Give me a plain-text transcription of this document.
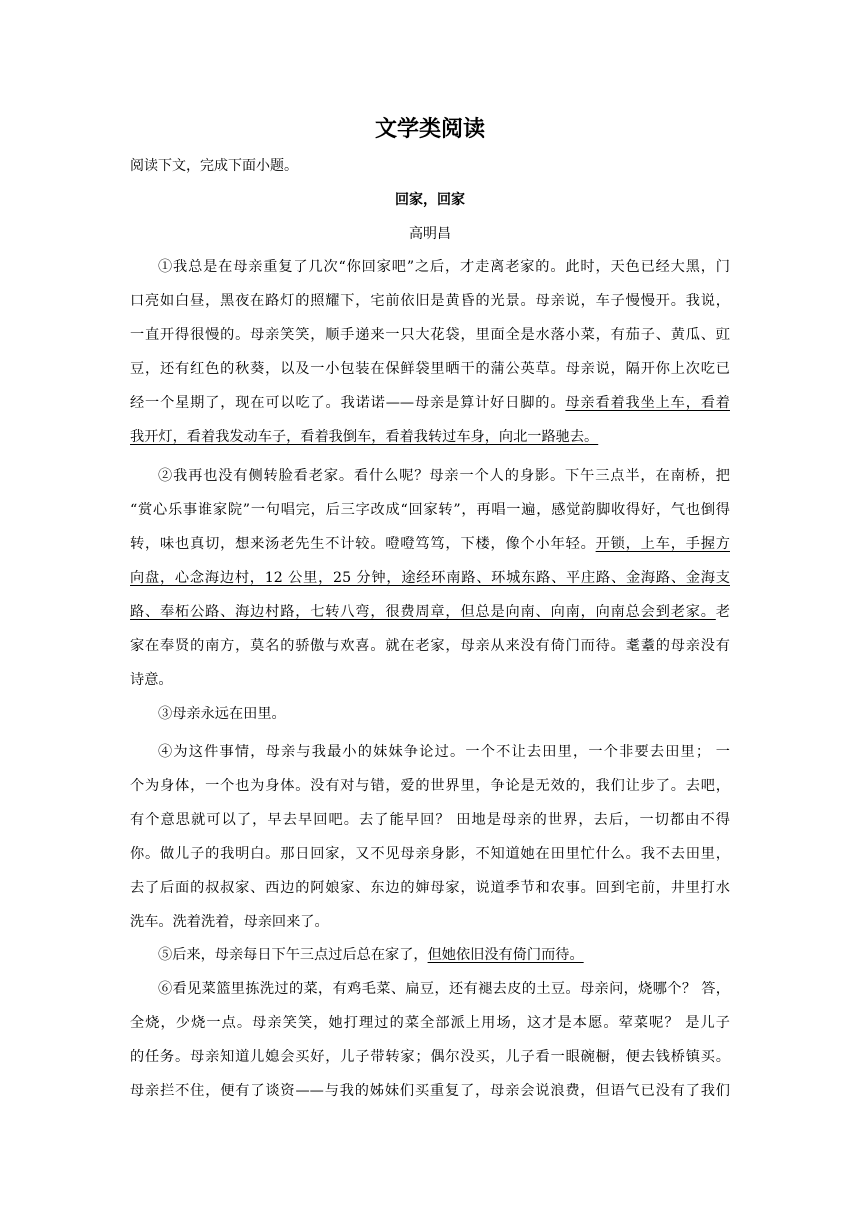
文学类阅读

阅读下文，完成下面小题。

回家，回家

高明昌

①我总是在母亲重复了几次“你回家吧”之后，才走离老家的。此时，天色已经大黑，门

口亮如白昼，黑夜在路灯的照耀下，宅前依旧是黄昏的光景。母亲说，车子慢慢开。我说，

一直开得很慢的。母亲笑笑，顺手递来一只大花袋，里面全是水落小菜，有茄子、黄瓜、豇

豆，还有红色的秋葵，以及一小包装在保鲜袋里晒干的蒲公英草。母亲说，隔开你上次吃已

经一个星期了，现在可以吃了。我诺诺——母亲是算计好日脚的。母亲看着我坐上车，看着

我开灯，看着我发动车子，看着我倒车，看着我转过车身，向北一路驰去。

②我再也没有侧转脸看老家。看什么呢？母亲一个人的身影。下午三点半，在南桥，把

“赏心乐事谁家院”一句唱完，后三字改成“回家转”，再唱一遍，感觉韵脚收得好，气也倒得

转，味也真切，想来汤老先生不计较。噔噔笃笃，下楼，像个小年轻。开锁，上车，手握方

向盘，心念海边村，12 公里，25 分钟，途经环南路、环城东路、平庄路、金海路、金海支

路、奉柘公路、海边村路，七转八弯，很费周章，但总是向南、向南，向南总会到老家。老

家在奉贤的南方，莫名的骄傲与欢喜。就在老家，母亲从来没有倚门而待。耄耋的母亲没有

诗意。

③母亲永远在田里。

④为这件事情，母亲与我最小的妹妹争论过。一个不让去田里，一个非要去田里； 一

个为身体，一个也为身体。没有对与错，爱的世界里，争论是无效的，我们让步了。去吧，

有个意思就可以了，早去早回吧。去了能早回？ 田地是母亲的世界，去后，一切都由不得

你。做儿子的我明白。那日回家，又不见母亲身影，不知道她在田里忙什么。我不去田里，

去了后面的叔叔家、西边的阿娘家、东边的婶母家，说道季节和农事。回到宅前，井里打水

洗车。洗着洗着，母亲回来了。

⑤后来，母亲每日下午三点过后总在家了，但她依旧没有倚门而待。

⑥看见菜篮里拣洗过的菜，有鸡毛菜、扁豆，还有褪去皮的土豆。母亲问，烧哪个？ 答，

全烧，少烧一点。母亲笑笑，她打理过的菜全部派上用场，这才是本愿。荤菜呢？ 是儿子

的任务。母亲知道儿媳会买好，儿子带转家；偶尔没买，儿子看一眼碗橱，便去钱桥镇买。

母亲拦不住，便有了谈资——与我的姊妹们买重复了，母亲会说浪费，但语气已没有了我们
